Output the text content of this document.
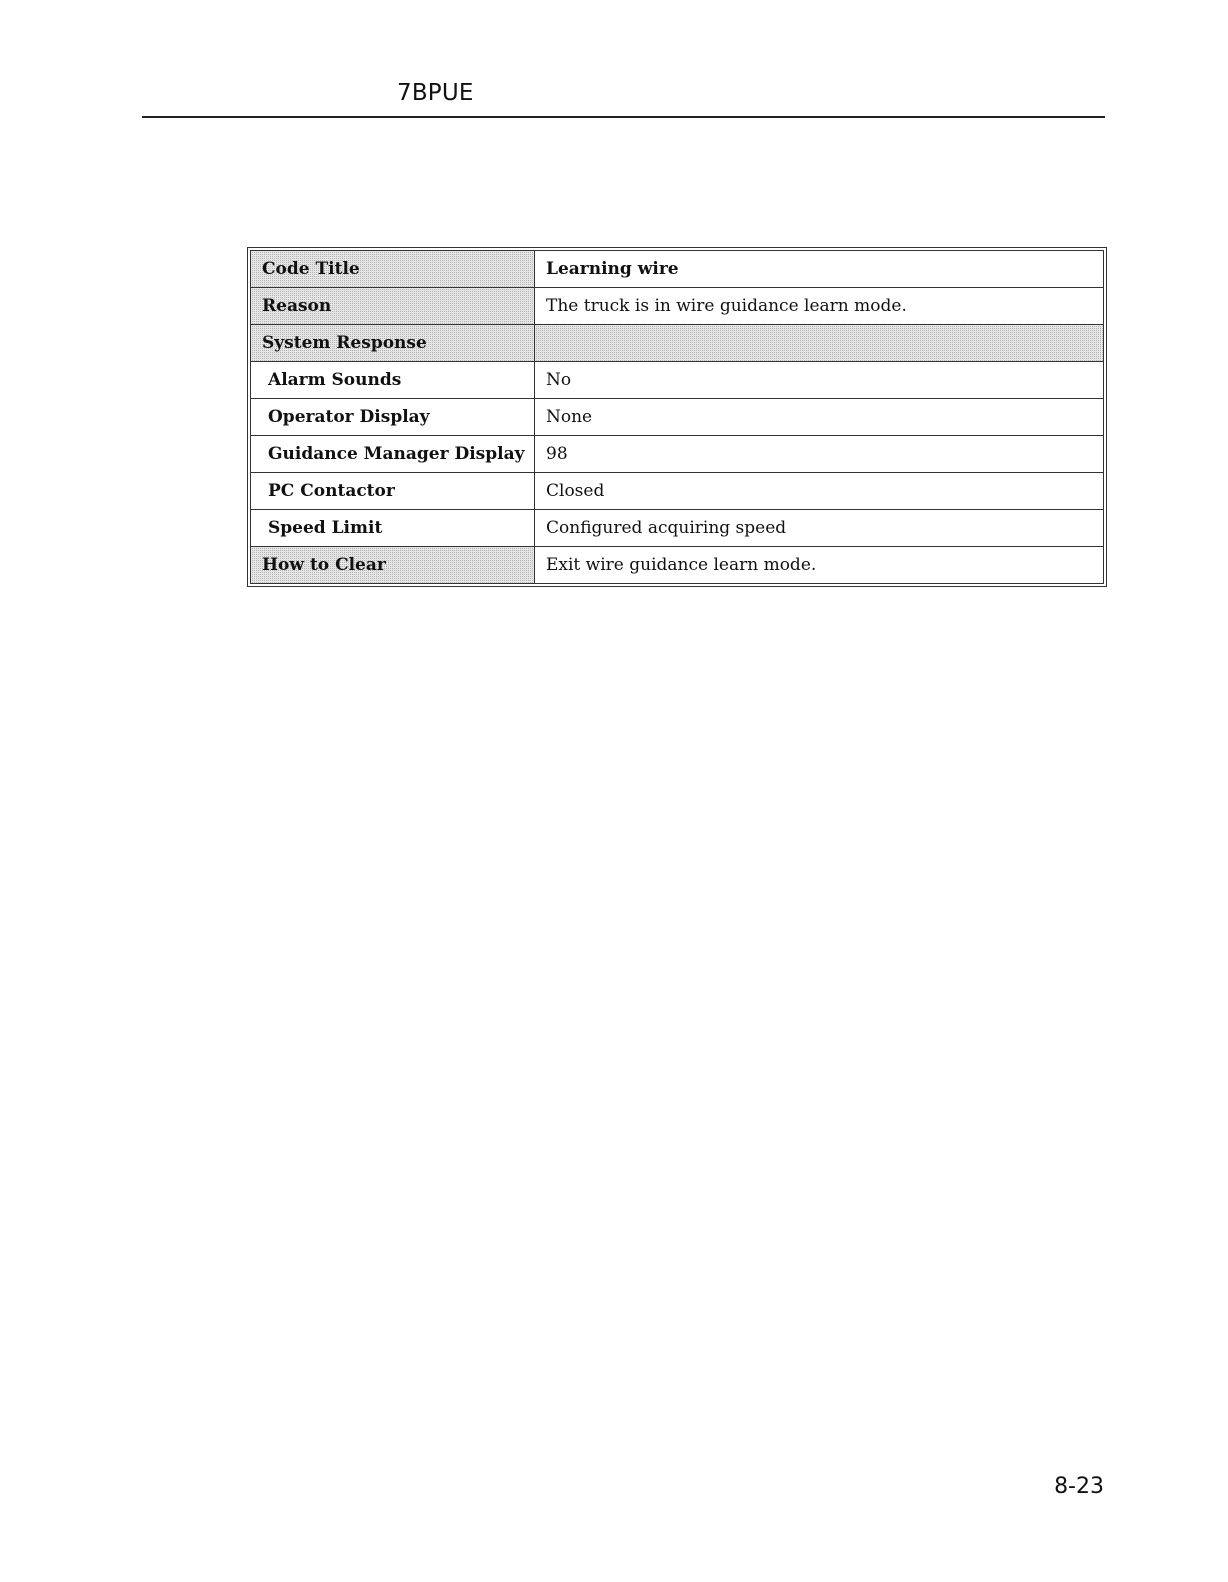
7BPUE
Code Title	Learning wire
Reason	The truck is in wire guidance learn mode.
System Response	
Alarm Sounds	No
Operator Display	None
Guidance Manager Display	98
PC Contactor	Closed
Speed Limit	Configured acquiring speed
How to Clear	Exit wire guidance learn mode.
8-23
